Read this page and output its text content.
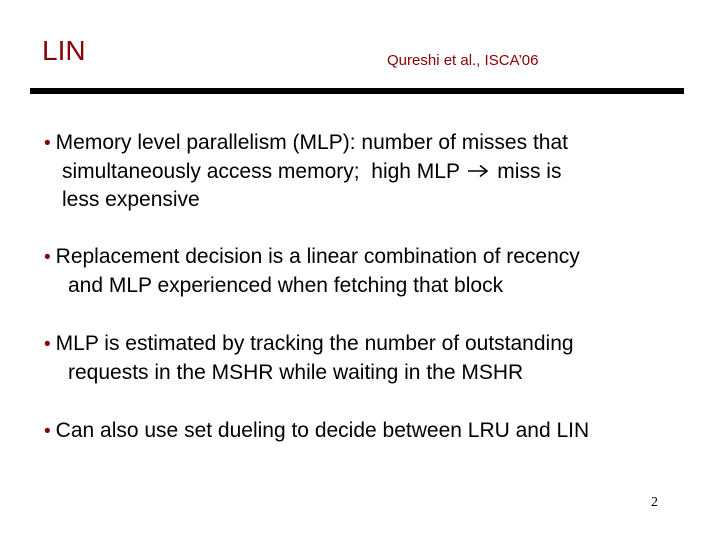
LIN	Qureshi et al., ISCA’06
• Memory level parallelism (MLP): number of misses that
simultaneously access memory;  high MLP  miss is
less expensive
• Replacement decision is a linear combination of recency
and MLP experienced when fetching that block
• MLP is estimated by tracking the number of outstanding
requests in the MSHR while waiting in the MSHR
• Can also use set dueling to decide between LRU and LIN
2
